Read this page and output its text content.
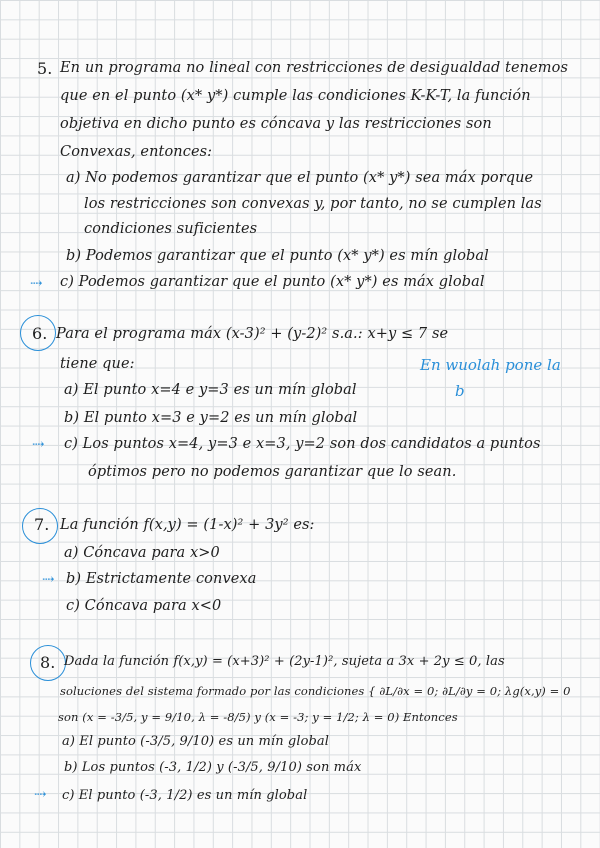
5. En un programa no lineal con restricciones de desigualdad tenemos
que en el punto (x* y*) cumple las condiciones K-K-T, la función
objetiva en dicho punto es cóncava y las restricciones son
Convexas, entonces:
a) No podemos garantizar que el punto (x* y*) sea máx porque
los restricciones son convexas y, por tanto, no se cumplen las
condiciones suficientes
b) Podemos garantizar que el punto (x* y*) es mín global
⇢ c) Podemos garantizar que el punto (x* y*) es máx global
6. Para el programa máx (x-3)² + (y-2)² s.a.: x+y ≤ 7 se
tiene que:	En wuolah pone la
b
a) El punto x=4 e y=3 es un mín global
b) El punto x=3 e y=2 es un mín global
⇢ c) Los puntos x=4, y=3 e x=3, y=2 son dos candidatos a puntos
óptimos pero no podemos garantizar que lo sean.
7. La función f(x,y) = (1-x)² + 3y² es:
a) Cóncava para x>0
⇢ b) Estrictamente convexa
c) Cóncava para x<0
8. Dada la función f(x,y) = (x+3)² + (2y-1)², sujeta a 3x + 2y ≤ 0, las
soluciones del sistema formado por las condiciones { ∂L/∂x = 0; ∂L/∂y = 0; λg(x,y) = 0
son (x = -3/5, y = 9/10, λ = -8/5) y (x = -3; y = 1/2; λ = 0) Entonces
a) El punto (-3/5, 9/10) es un mín global
b) Los puntos (-3, 1/2) y (-3/5, 9/10) son máx
⇢ c) El punto (-3, 1/2) es un mín global
